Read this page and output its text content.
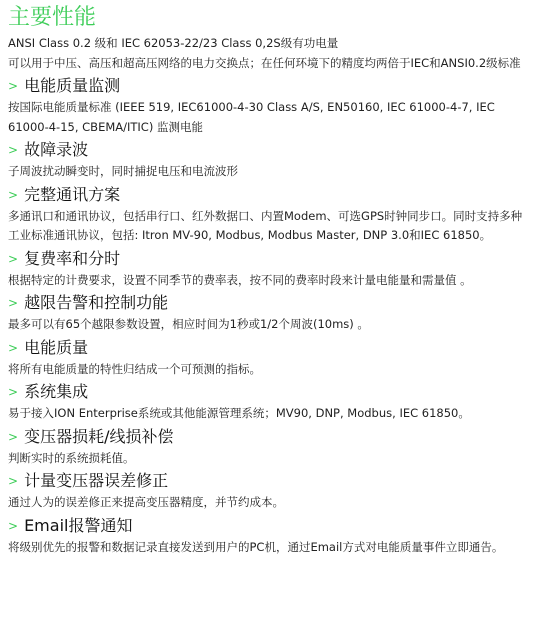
主要性能

ANSI Class 0.2 级和 IEC 62053-22/23 Class 0,2S级有功电量

可以用于中压、高压和超高压网络的电力交换点；在任何环境下的精度均两倍于IEC和ANSI0.2级标准

> 电能质量监测

按国际电能质量标准 (IEEE 519, IEC61000-4-30 Class A/S, EN50160, IEC 61000-4-7, IEC 61000-4-15, CBEMA/ITIC) 监测电能

> 故障录波

子周波扰动瞬变时，同时捕捉电压和电流波形

> 完整通讯方案

多通讯口和通讯协议，包括串行口、红外数据口、内置Modem、可选GPS时钟同步口。同时支持多种工业标准通讯协议，包括: Itron MV-90, Modbus, Modbus Master, DNP 3.0和IEC 61850。

> 复费率和分时

根据特定的计费要求，设置不同季节的费率表，按不同的费率时段来计量电能量和需量值 。

> 越限告警和控制功能

最多可以有65个越限参数设置，相应时间为1秒或1/2个周波(10ms) 。

> 电能质量

将所有电能质量的特性归结成一个可预测的指标。

> 系统集成

易于接入ION Enterprise系统或其他能源管理系统；MV90, DNP, Modbus, IEC 61850。

> 变压器损耗/线损补偿

判断实时的系统损耗值。

> 计量变压器误差修正

通过人为的误差修正来提高变压器精度，并节约成本。

> Email报警通知

将级别优先的报警和数据记录直接发送到用户的PC机，通过Email方式对电能质量事件立即通告。
